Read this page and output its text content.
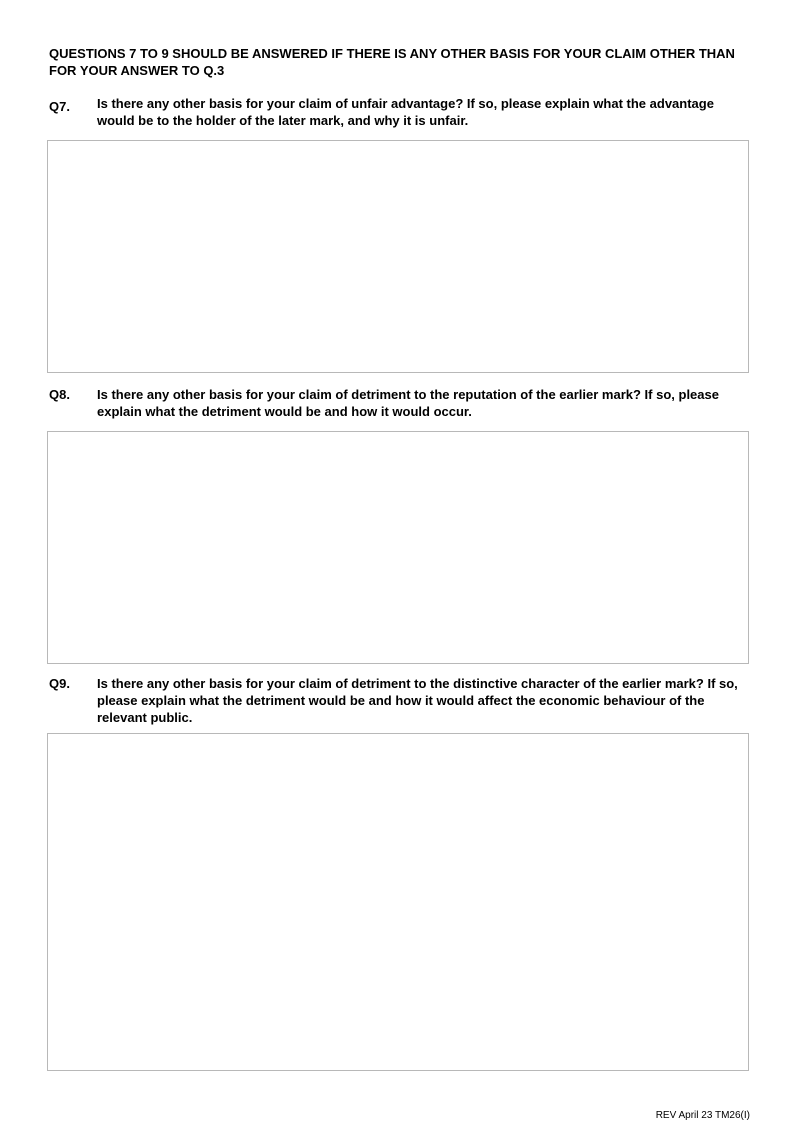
QUESTIONS 7 TO 9 SHOULD BE ANSWERED IF THERE IS ANY OTHER BASIS FOR YOUR CLAIM OTHER THAN FOR YOUR ANSWER TO Q.3
Q7.	Is there any other basis for your claim of unfair advantage? If so, please explain what the advantage would be to the holder of the later mark, and why it is unfair.
Q8.	Is there any other basis for your claim of detriment to the reputation of the earlier mark? If so, please explain what the detriment would be and how it would occur.
Q9.	Is there any other basis for your claim of detriment to the distinctive character of the earlier mark? If so, please explain what the detriment would be and how it would affect the economic behaviour of the relevant public.
REV April 23 TM26(I)
